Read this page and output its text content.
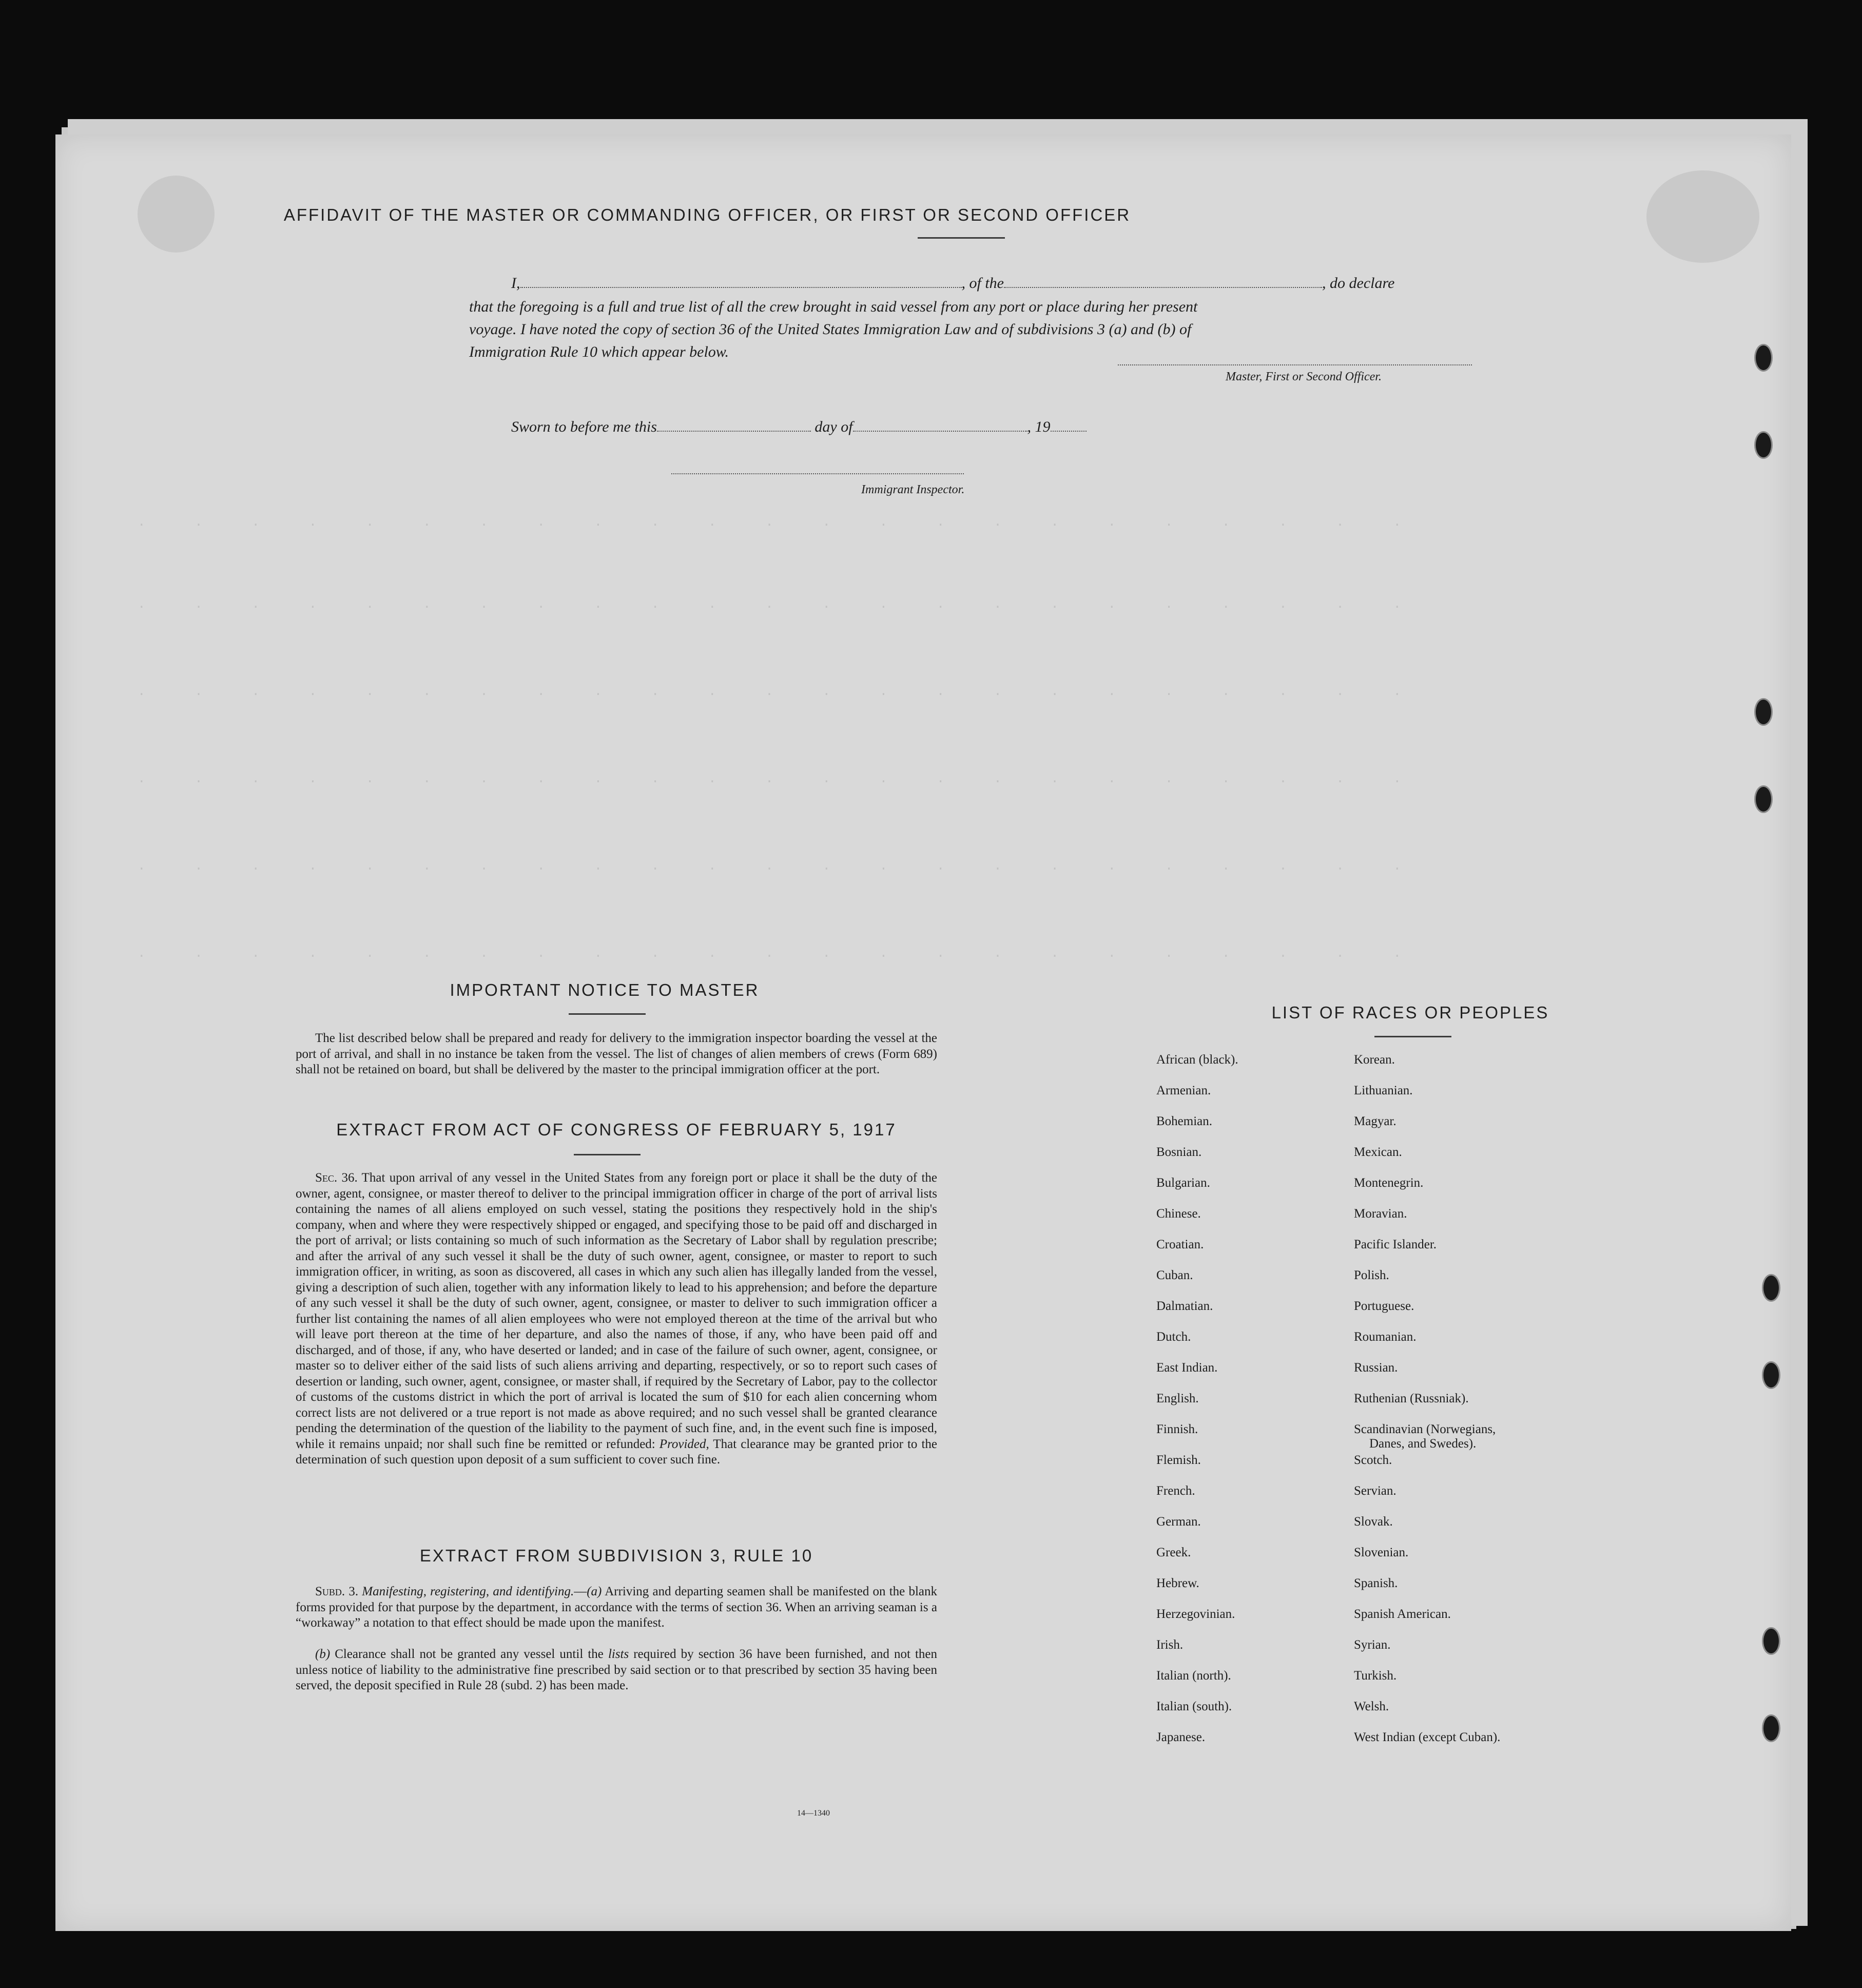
. . . . . . . . . . . . . . . . . . . . . . .
. . . . . . . . . . . . . . . . . . . . . . .
. . . . . . . . . . . . . . . . . . . . . . .
. . . . . . . . . . . . . . . . . . . . . . .
. . . . . . . . . . . . . . . . . . . . . . .
. . . . . . . . . . . . . . . . . . . . . . .
AFFIDAVIT OF THE MASTER OR COMMANDING OFFICER, OR FIRST OR SECOND OFFICER
I,	, of the	, do declare
that the foregoing is a full and true list of all the crew brought in said vessel from any port or place during her present
voyage. I have noted the copy of section 36 of the United States Immigration Law and of subdivisions 3 (a) and (b) of
Immigration Rule 10 which appear below.
Master, First or Second Officer.
Sworn to before me this	day of	, 19
Immigrant Inspector.
IMPORTANT NOTICE TO MASTER
The list described below shall be prepared and ready for delivery to the immigration inspector boarding the vessel at the port of arrival, and shall in no instance be taken from the vessel. The list of changes of alien members of crews (Form 689) shall not be retained on board, but shall be delivered by the master to the principal immigration officer at the port.
EXTRACT FROM ACT OF CONGRESS OF FEBRUARY 5, 1917
Sec. 36. That upon arrival of any vessel in the United States from any foreign port or place it shall be the duty of the owner, agent, consignee, or master thereof to deliver to the principal immigration officer in charge of the port of arrival lists containing the names of all aliens employed on such vessel, stating the positions they respectively hold in the ship's company, when and where they were respectively shipped or engaged, and specifying those to be paid off and discharged in the port of arrival; or lists containing so much of such information as the Secretary of Labor shall by regulation prescribe; and after the arrival of any such vessel it shall be the duty of such owner, agent, consignee, or master to report to such immigration officer, in writing, as soon as discovered, all cases in which any such alien has illegally landed from the vessel, giving a description of such alien, together with any information likely to lead to his apprehension; and before the departure of any such vessel it shall be the duty of such owner, agent, consignee, or master to deliver to such immigration officer a further list containing the names of all alien employees who were not employed thereon at the time of the arrival but who will leave port thereon at the time of her departure, and also the names of those, if any, who have been paid off and discharged, and of those, if any, who have deserted or landed; and in case of the failure of such owner, agent, consignee, or master so to deliver either of the said lists of such aliens arriving and departing, respectively, or so to report such cases of desertion or landing, such owner, agent, consignee, or master shall, if required by the Secretary of Labor, pay to the collector of customs of the customs district in which the port of arrival is located the sum of $10 for each alien concerning whom correct lists are not delivered or a true report is not made as above required; and no such vessel shall be granted clearance pending the determination of the question of the liability to the payment of such fine, and, in the event such fine is imposed, while it remains unpaid; nor shall such fine be remitted or refunded: Provided, That clearance may be granted prior to the determination of such question upon deposit of a sum sufficient to cover such fine.
EXTRACT FROM SUBDIVISION 3, RULE 10
Subd. 3. Manifesting, registering, and identifying.—(a) Arriving and departing seamen shall be manifested on the blank forms provided for that purpose by the department, in accordance with the terms of section 36. When an arriving seaman is a “workaway” a notation to that effect should be made upon the manifest.
(b) Clearance shall not be granted any vessel until the lists required by section 36 have been furnished, and not then unless notice of liability to the administrative fine prescribed by said section or to that prescribed by section 35 having been served, the deposit specified in Rule 28 (subd. 2) has been made.
14—1340
LIST OF RACES OR PEOPLES
African (black).
Armenian.
Bohemian.
Bosnian.
Bulgarian.
Chinese.
Croatian.
Cuban.
Dalmatian.
Dutch.
East Indian.
English.
Finnish.
Flemish.
French.
German.
Greek.
Hebrew.
Herzegovinian.
Irish.
Italian (north).
Italian (south).
Japanese.
Korean.
Lithuanian.
Magyar.
Mexican.
Montenegrin.
Moravian.
Pacific Islander.
Polish.
Portuguese.
Roumanian.
Russian.
Ruthenian (Russniak).
Scandinavian (Norwegians,
Danes, and Swedes).
Scotch.
Servian.
Slovak.
Slovenian.
Spanish.
Spanish American.
Syrian.
Turkish.
Welsh.
West Indian (except Cuban).
